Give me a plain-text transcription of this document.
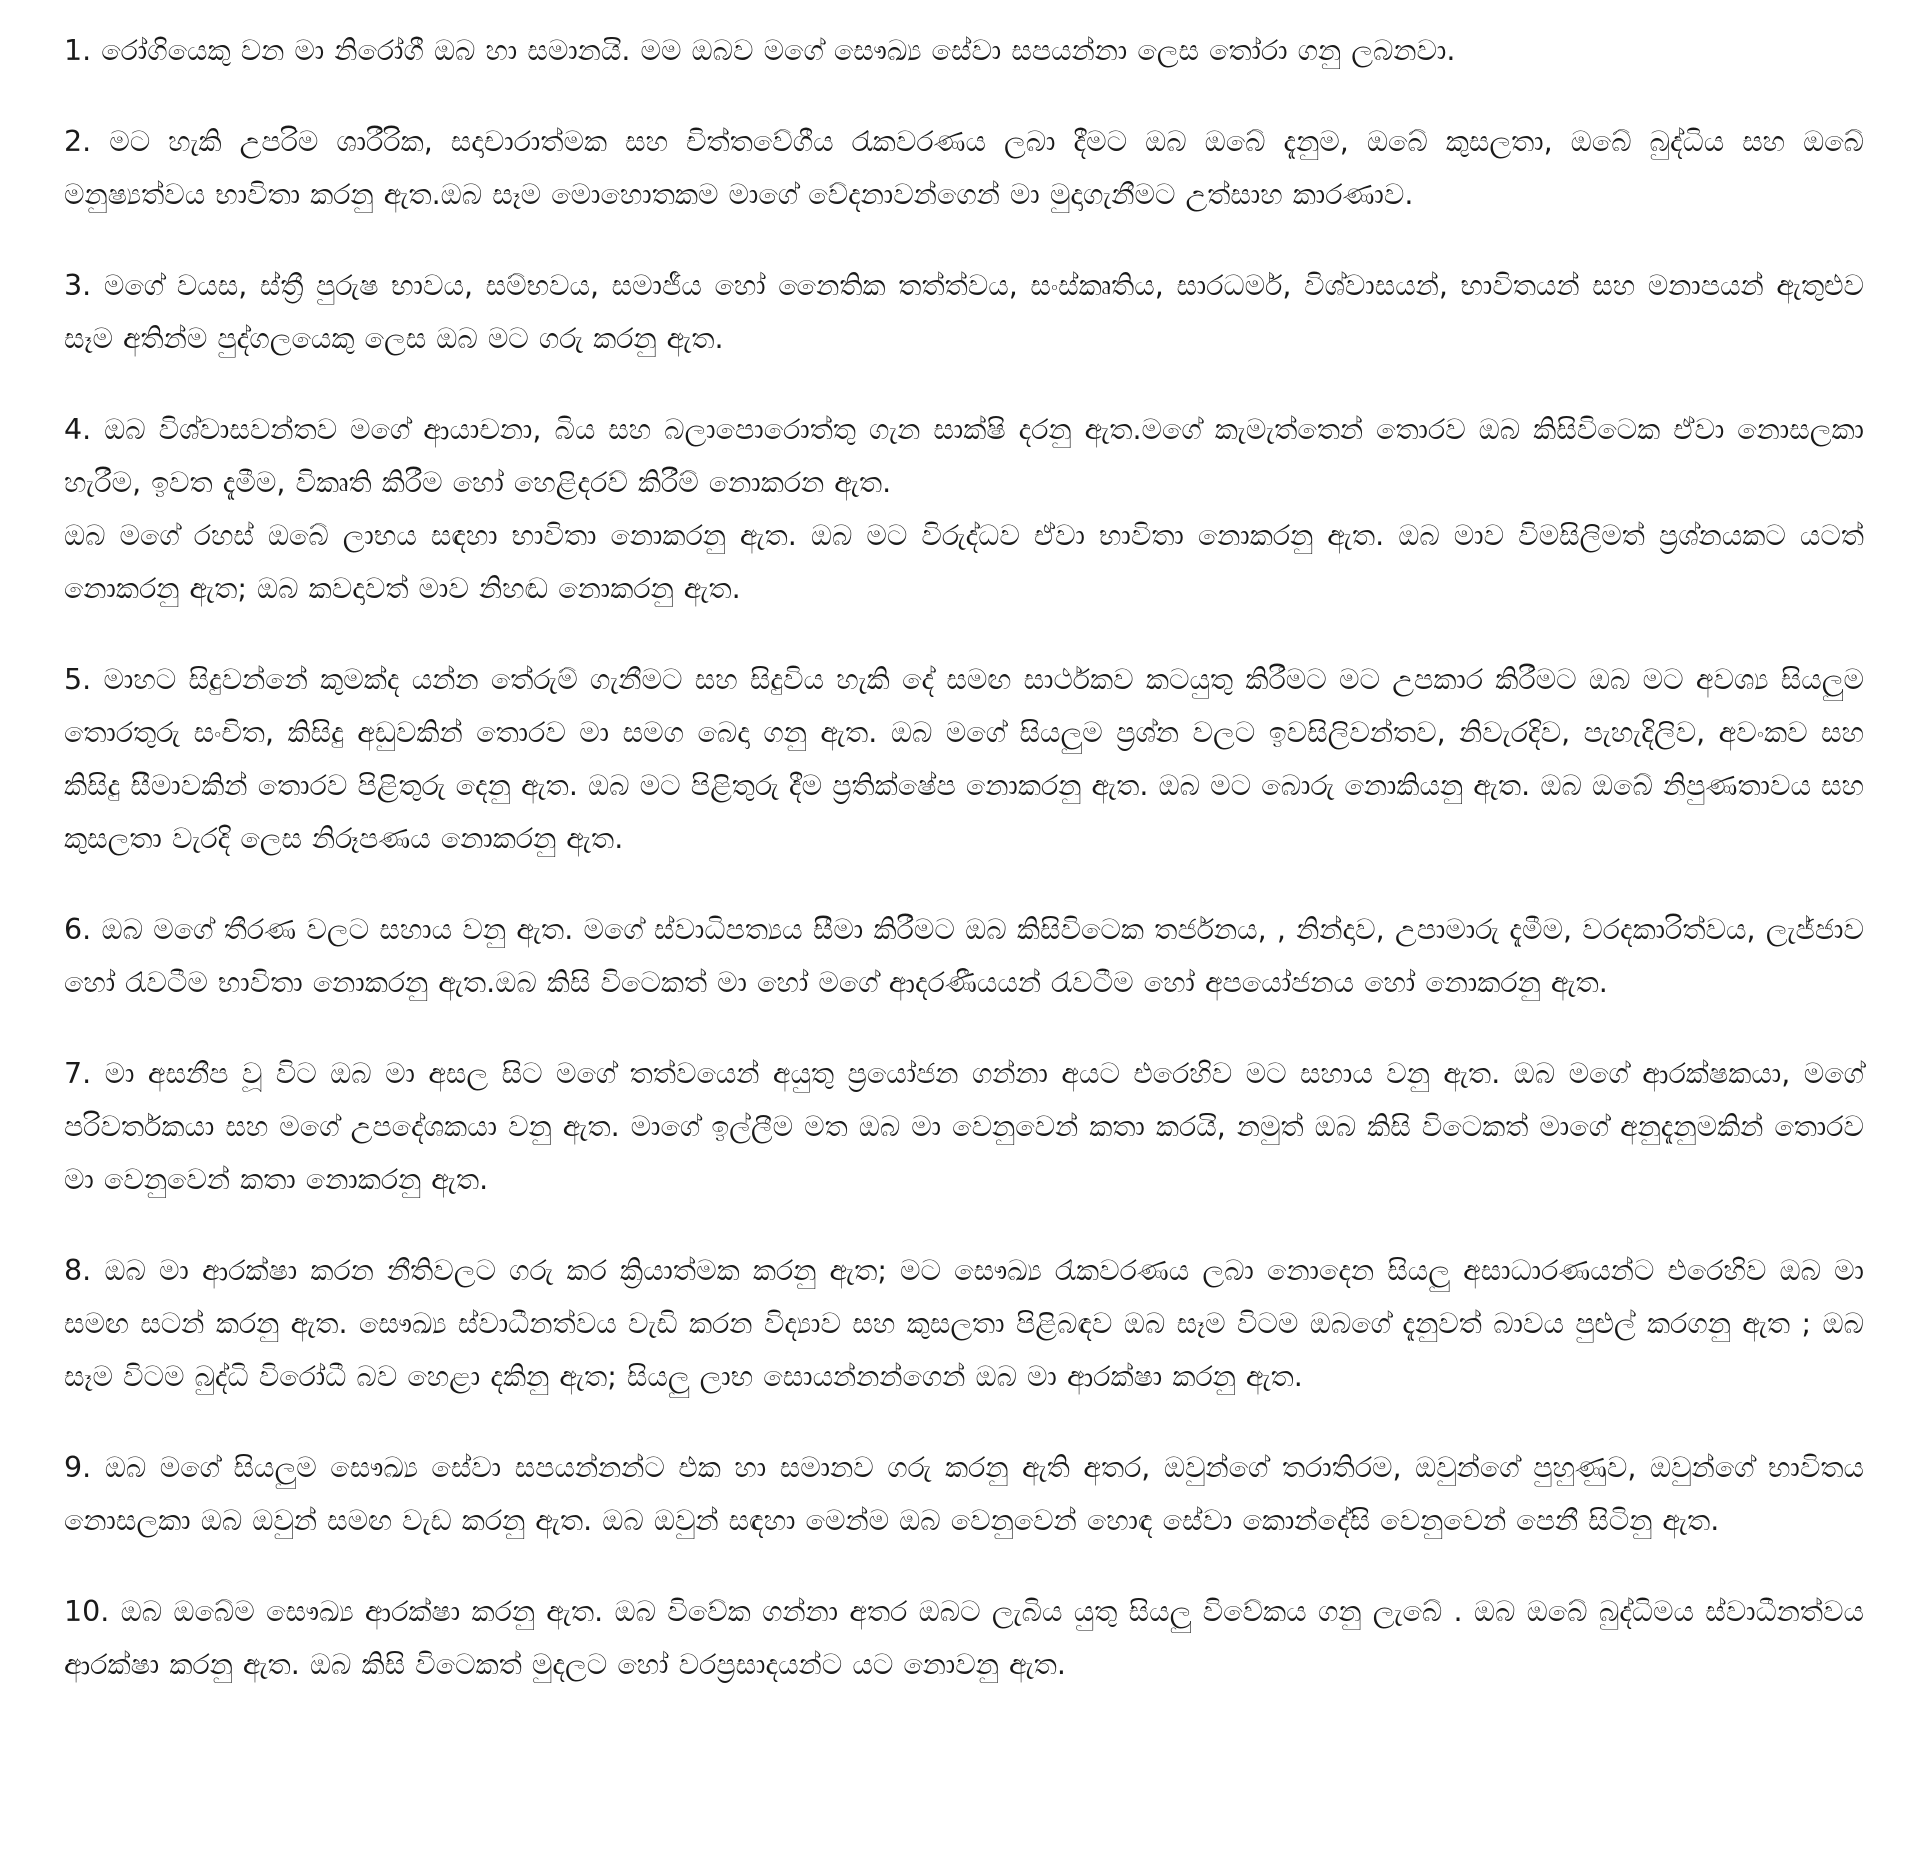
1. රෝගියෙකු වන මා නිරෝගී ඔබ හා සමානයි. මම ඔබව මගේ සෞඛ්‍ය සේවා සපයන්නා ලෙස තෝරා ගනු ලබනවා.
2. මට හැකි උපරිම ශාරීරික, සදාචාරාත්මක සහ චිත්තවේගීය රැකවරණය ලබා දීමට ඔබ ඔබේ දැනුම, ඔබේ කුසලතා, ඔබේ බුද්ධිය සහ ඔබේ මනුෂ්‍යත්වය භාවිතා කරනු ඇත.ඔබ සෑම මොහොතකම මාගේ වේදනාවන්ගෙන් මා මුදාගැනීමට උත්සාහ කාරණාව.
3. මගේ වයස, ස්ත්‍රී පුරුෂ භාවය, සම්භවය, සමාජීය හෝ නෛතික තත්ත්වය, සංස්කෘතිය, සාරධර්ම, විශ්වාසයන්, භාවිතයන් සහ මනාපයන් ඇතුළුව සෑම අතින්ම පුද්ගලයෙකු ලෙස ඔබ මට ගරු කරනු ඇත.
4. ඔබ විශ්වාසවන්තව මගේ ආයාචනා, බිය සහ බලාපොරොත්තු ගැන සාක්ෂි දරනු ඇත.මගේ කැමැත්තෙන් තොරව ඔබ කිසිවිටෙක ඒවා නොසලකා හැරීම, ඉවත දැමීම, විකෘති කිරීම හෝ හෙළිදරව් කිරීම් නොකරන ඇත.
ඔබ මගේ රහස් ඔබේ ලාභය සඳහා භාවිතා නොකරනු ඇත. ඔබ මට විරුද්ධව ඒවා භාවිතා නොකරනු ඇත. ඔබ මාව විමසිලිමත් ප්‍රශ්නයකට යටත් නොකරනු ඇත; ඔබ කවදාවත් මාව නිහඬ නොකරනු ඇත.
5. මාහට සිදුවන්නේ කුමක්ද යන්න තේරුම් ගැනීමට සහ සිදුවිය හැකි දේ සමඟ සාර්ථකව කටයුතු කිරීමට මට උපකාර කිරීමට ඔබ මට අවශ්‍ය සියලුම තොරතුරු සංචිත, කිසිදු අඩුවකින් තොරව මා සමග බෙදා ගනු ඇත. ඔබ මගේ සියලුම ප්‍රශ්න වලට ඉවසිලිවන්තව, නිවැරදිව, පැහැදිලිව, අවංකව සහ කිසිදු සීමාවකින් තොරව පිළිතුරු දෙනු ඇත. ඔබ මට පිළිතුරු දීම ප්‍රතික්ෂේප නොකරනු ඇත. ඔබ මට බොරු නොකියනු ඇත. ඔබ ඔබේ නිපුණතාවය සහ කුසලතා වැරදි ලෙස නිරූපණය නොකරනු ඇත.
6. ඔබ මගේ තීරණ වලට සහාය වනු ඇත. මගේ ස්වාධිපත්‍යය සීමා කිරීමට ඔබ කිසිවිටෙක තර්ජනය, , නින්දාව, උපාමාරු දැමීම, වරදකාරිත්වය, ලැජ්ජාව හෝ රැවටීම භාවිතා නොකරනු ඇත.ඔබ කිසි විටෙකත් මා හෝ මගේ ආදරණීයයන් රැවටීම හෝ අපයෝජනය හෝ නොකරනු ඇත.
7. මා අසනීප වූ විට ඔබ මා අසල සිට මගේ තත්වයෙන් අයුතු ප්‍රයෝජන ගන්නා අයට එරෙහිව මට සහාය වනු ඇත. ඔබ මගේ ආරක්ෂකයා, මගේ පරිවර්තකයා සහ මගේ උපදේශකයා වනු ඇත. මාගේ ඉල්ලීම මත ඔබ මා වෙනුවෙන් කතා කරයි, නමුත් ඔබ කිසි විටෙකත් මාගේ අනුදැනුමකින් තොරව මා වෙනුවෙන් කතා නොකරනු ඇත.
8. ඔබ මා ආරක්ෂා කරන නීතිවලට ගරු කර ක්‍රියාත්මක කරනු ඇත; මට සෞඛ්‍ය රැකවරණය ලබා නොදෙන සියලු අසාධාරණයන්ට එරෙහිව ඔබ මා සමඟ සටන් කරනු ඇත. සෞඛ්‍ය ස්වාධීනත්වය වැඩි කරන විද්‍යාව සහ කුසලතා පිළිබඳව ඔබ සෑම විටම ඔබගේ දැනුවත් බාවය පුළුල් කරගනු ඇත ; ඔබ සෑම විටම බුද්ධි විරෝධී බව හෙළා දකිනු ඇත; සියලු ලාභ සොයන්නන්ගෙන් ඔබ මා ආරක්ෂා කරනු ඇත.
9. ඔබ මගේ සියලුම සෞඛ්‍ය සේවා සපයන්නන්ට එක හා සමානව ගරු කරනු ඇති අතර, ඔවුන්ගේ තරාතිරම, ඔවුන්ගේ පුහුණුව, ඔවුන්ගේ භාවිතය නොසලකා ඔබ ඔවුන් සමඟ වැඩ කරනු ඇත. ඔබ ඔවුන් සඳහා මෙන්ම ඔබ වෙනුවෙන් හොඳ සේවා කොන්දේසි වෙනුවෙන් පෙනී සිටිනු ඇත.
10. ඔබ ඔබේම සෞඛ්‍ය ආරක්ෂා කරනු ඇත. ඔබ විවේක ගන්නා අතර ඔබට ලැබිය යුතු සියලු විවේකය ගනු ලැබේ . ඔබ ඔබේ බුද්ධිමය ස්වාධීනත්වය ආරක්ෂා කරනු ඇත. ඔබ කිසි විටෙකත් මුදලට හෝ වරප්‍රසාදයන්ට යට නොවනු ඇත.
